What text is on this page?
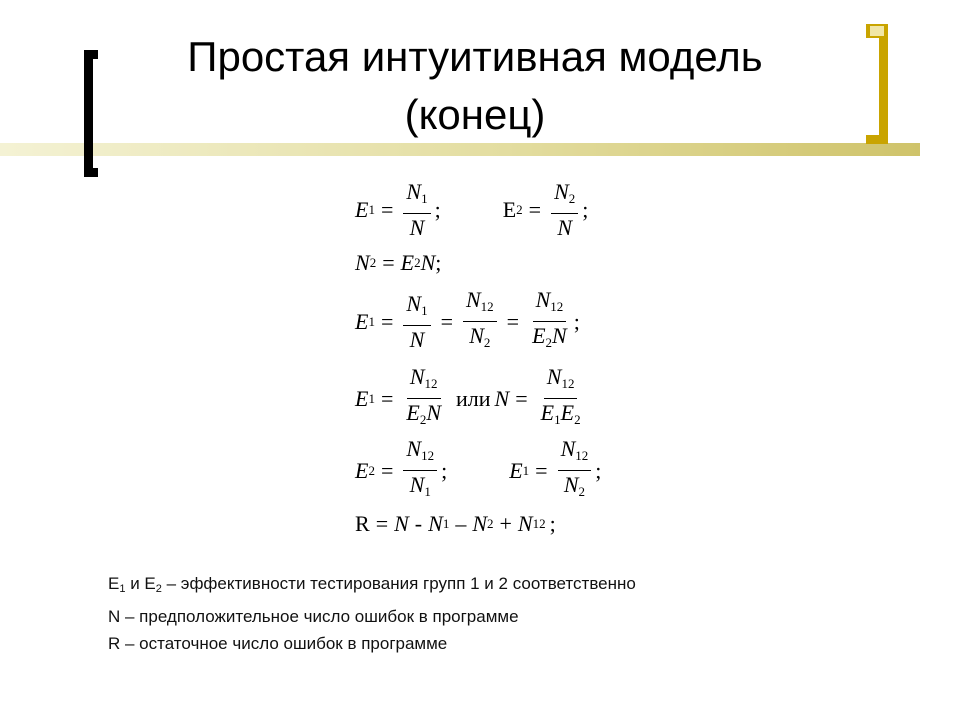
Простая интуитивная модель
(конец)
E $1 = \frac{N_1}{N}$ ;	E $2 = \frac{N_2}{N}$ ;
N 2 = E 2 N ;
E $1 = \frac{N_1}{N} = \frac{N_{12}}{N_2} = \frac{N_{12}}{E_2N}$ ;
E $1 = \frac{N_{12}}{E_2N}$ или $N = \frac{N_{12}}{E_1E_2}$
E $2 = \frac{N_{12}}{N_1}$ ;	E $1 = \frac{N_{12}}{N_2}$ ;
R = N - N 1 – N 2 + N 12 ;
$E_1$ и $E_2$ – эффективности тестирования групп 1 и 2 соответственно
N – предположительное число ошибок в программе
R – остаточное число ошибок в программе
